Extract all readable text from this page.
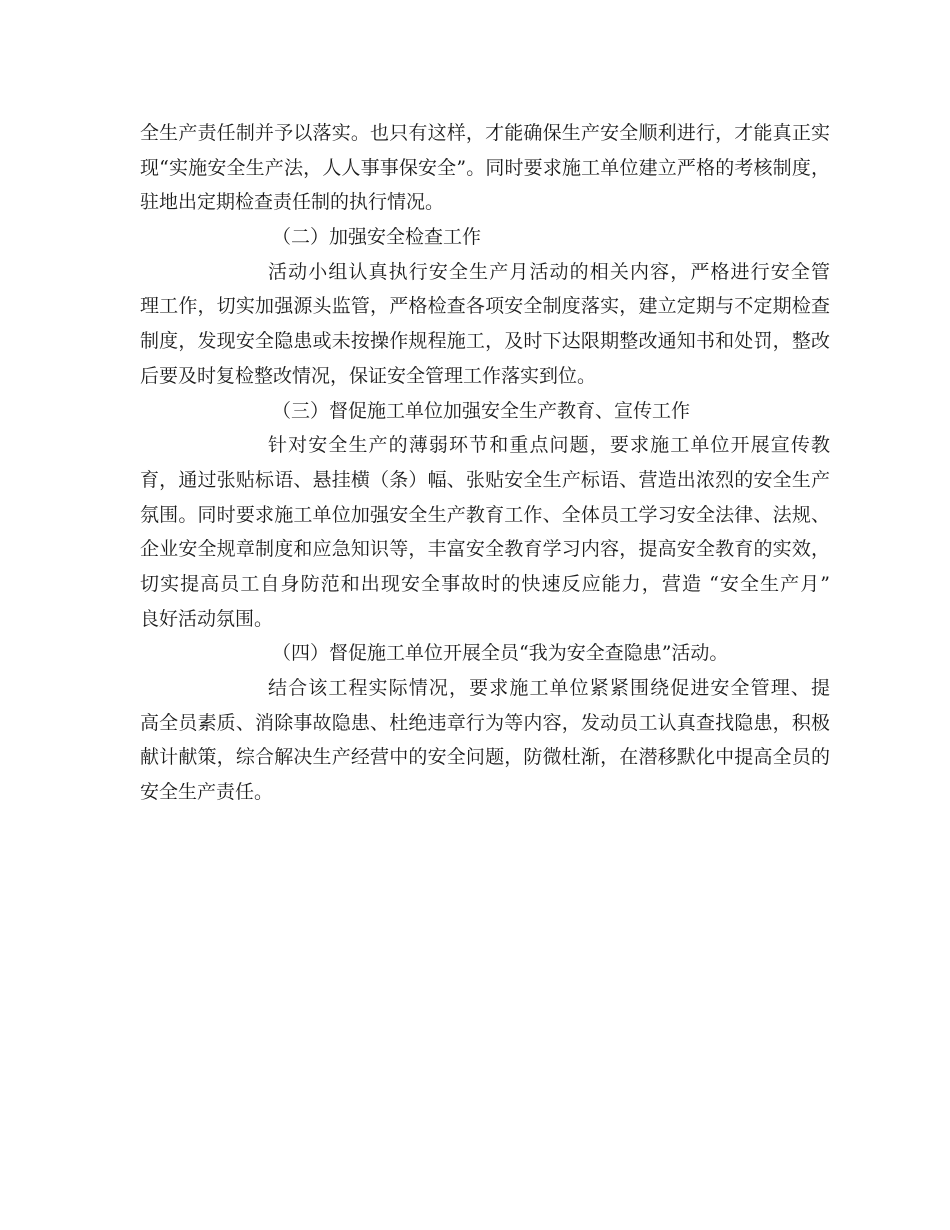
全生产责任制并予以落实。也只有这样，才能确保生产安全顺利进行，才能真正实
现“实施安全生产法，人人事事保安全”。同时要求施工单位建立严格的考核制度，
驻地出定期检查责任制的执行情况。
（二）加强安全检查工作
活动小组认真执行安全生产月活动的相关内容，严格进行安全管
理工作，切实加强源头监管，严格检查各项安全制度落实，建立定期与不定期检查
制度，发现安全隐患或未按操作规程施工，及时下达限期整改通知书和处罚，整改
后要及时复检整改情况，保证安全管理工作落实到位。
（三）督促施工单位加强安全生产教育、宣传工作
针对安全生产的薄弱环节和重点问题，要求施工单位开展宣传教
育，通过张贴标语、悬挂横（条）幅、张贴安全生产标语、营造出浓烈的安全生产
氛围。同时要求施工单位加强安全生产教育工作、全体员工学习安全法律、法规、
企业安全规章制度和应急知识等，丰富安全教育学习内容，提高安全教育的实效，
切实提高员工自身防范和出现安全事故时的快速反应能力，营造 “安全生产月”
良好活动氛围。
（四）督促施工单位开展全员“我为安全查隐患”活动。
结合该工程实际情况，要求施工单位紧紧围绕促进安全管理、提
高全员素质、消除事故隐患、杜绝违章行为等内容，发动员工认真查找隐患，积极
献计献策，综合解决生产经营中的安全问题，防微杜渐，在潜移默化中提高全员的
安全生产责任。
